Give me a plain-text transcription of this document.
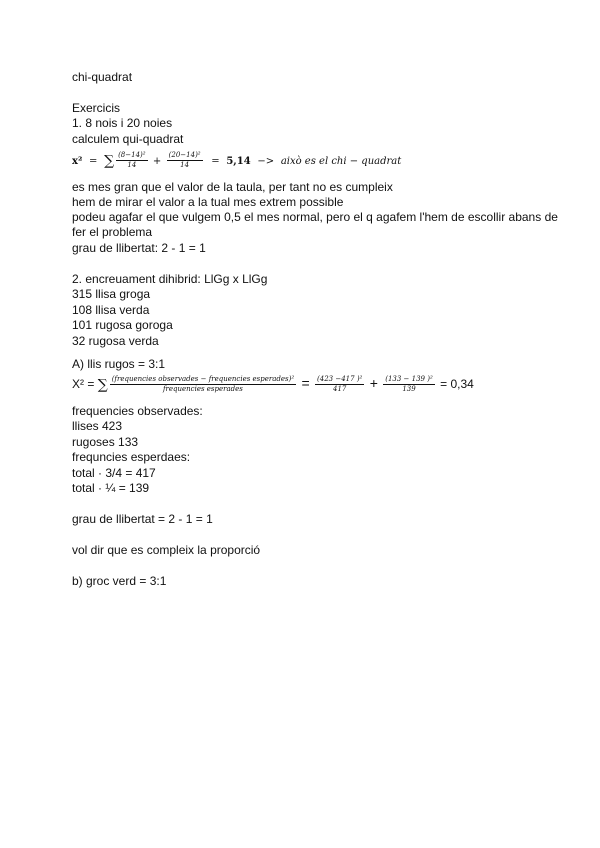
chi-quadrat
Exercicis
1. 8 nois i 20 noies
calculem qui-quadrat
x² = ∑ $\frac{\text{(8−14)²}}{14} + \frac{\text{(20−14)²}}{14} = 5,14$ −> això es el chi − quadrat
es mes gran que el valor de la taula, per tant no es cumpleix
hem de mirar el valor a la tual mes extrem possible
podeu agafar el que vulgem 0,5 el mes normal, pero el q agafem l'hem de escollir abans de
fer el problema
grau de llibertat: 2 - 1 = 1
2. encreuament dihibrid: LlGg x LlGg
315 llisa groga
108 llisa verda
101 rugosa goroga
32 rugosa verda
A) llis rugos = 3:1
X² = ∑ $\frac{\text{(frequencies observades − frequencies esperades)²}}{\text{frequencies esperades}} = \frac{\text{(423 −417 )²}}{417} + \frac{\text{(133 − 139 )²}}{139} = 0,34$
frequencies observades:
llises 423
rugoses 133
frequncies esperdaes:
total · 3/4 = 417
total · ¼ = 139
grau de llibertat = 2 - 1 = 1
vol dir que es compleix la proporció
b) groc verd = 3:1
